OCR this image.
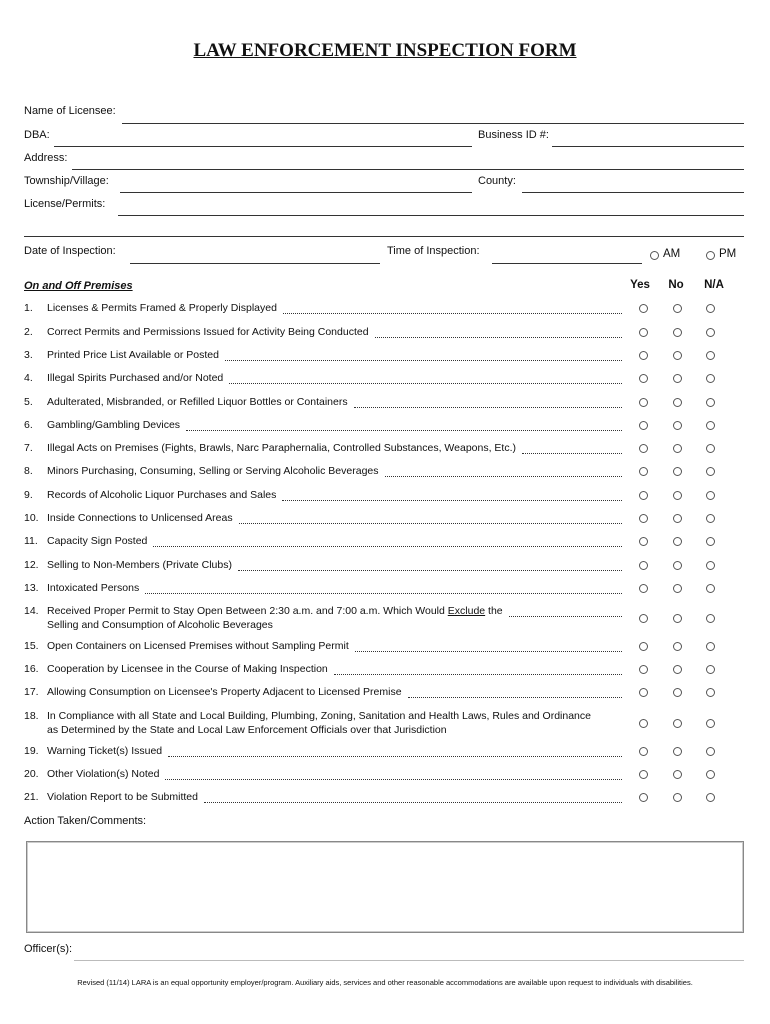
LAW ENFORCEMENT INSPECTION FORM
Name of Licensee:
DBA:	Business ID #:
Address:
Township/Village:	County:
License/Permits:
Date of Inspection:	Time of Inspection:	AM	PM
On and Off Premises	Yes	No	N/A
1.	Licenses & Permits Framed & Properly Displayed
2.	Correct Permits and Permissions Issued for Activity Being Conducted
3.	Printed Price List Available or Posted
4.	Illegal Spirits Purchased and/or Noted
5.	Adulterated, Misbranded, or Refilled Liquor Bottles or Containers
6.	Gambling/Gambling Devices
7.	Illegal Acts on Premises (Fights, Brawls, Narc Paraphernalia, Controlled Substances, Weapons, Etc.)
8.	Minors Purchasing, Consuming, Selling or Serving Alcoholic Beverages
9.	Records of Alcoholic Liquor Purchases and Sales
10. Inside Connections to Unlicensed Areas
11. Capacity Sign Posted
12. Selling to Non-Members (Private Clubs)
13. Intoxicated Persons
14. Received Proper Permit to Stay Open Between 2:30 a.m. and 7:00 a.m. Which Would Exclude the
Selling and Consumption of Alcoholic Beverages
15. Open Containers on Licensed Premises without Sampling Permit
16. Cooperation by Licensee in the Course of Making Inspection
17. Allowing Consumption on Licensee's Property Adjacent to Licensed Premise
18. In Compliance with all State and Local Building, Plumbing, Zoning, Sanitation and Health Laws, Rules and Ordinance
as Determined by the State and Local Law Enforcement Officials over that Jurisdiction
19. Warning Ticket(s) Issued
20. Other Violation(s) Noted
21. Violation Report to be Submitted
Action Taken/Comments:
Officer(s):
Revised (11/14) LARA is an equal opportunity employer/program. Auxiliary aids, services and other reasonable accommodations are available upon request to individuals with disabilities.
